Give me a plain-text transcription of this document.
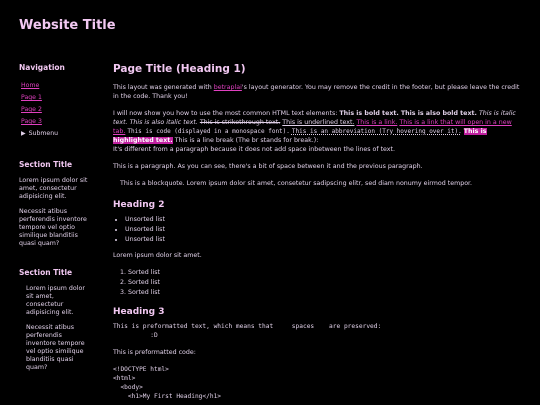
Website Title
Navigation
Home
Page 1
Page 2
Page 3
▶ Submenu
Section Title
Lorem ipsum dolor sit amet, consectetur adipisicing elit.
Necessit atibus perferendis inventore tempore vel optio similique blanditiis quasi quam?
Section Title
Lorem ipsum dolor sit amet, consectetur adipisicing elit.
Necessit atibus perferendis inventore tempore vel optio similique blanditiis quasi quam?
Page Title (Heading 1)

This layout was generated with betraplai's layout generator. You may remove the credit in the footer, but please leave the credit in the code. Thank you!

I will now show you how to use the most common HTML text elements: This is bold text. This is also bold text. This is italic text. This is also italic text. This is strikethrough text. This is underlined text. This is a link. This is a link that will open in a new tab. This is code (displayed in a monospace font). This is an abbreviation (Try hovering over it). This is highlighted text. This is a line break (The br stands for break.):
It's different from a paragraph because it does not add space inbetween the lines of text.

This is a paragraph. As you can see, there's a bit of space between it and the previous paragraph.

This is a blockquote. Lorem ipsum dolor sit amet, consetetur sadipscing elitr, sed diam nonumy eirmod tempor.
Heading 2
• Unsorted list
• Unsorted list
• Unsorted list

Lorem ipsum dolor sit amet.

1. Sorted list
2. Sorted list
3. Sorted list
Heading 3
This is preformatted text, which means that     spaces    are preserved:
:D

This is preformatted code:

<!DOCTYPE html>
<html>
<body>
<h1>My First Heading</h1>
